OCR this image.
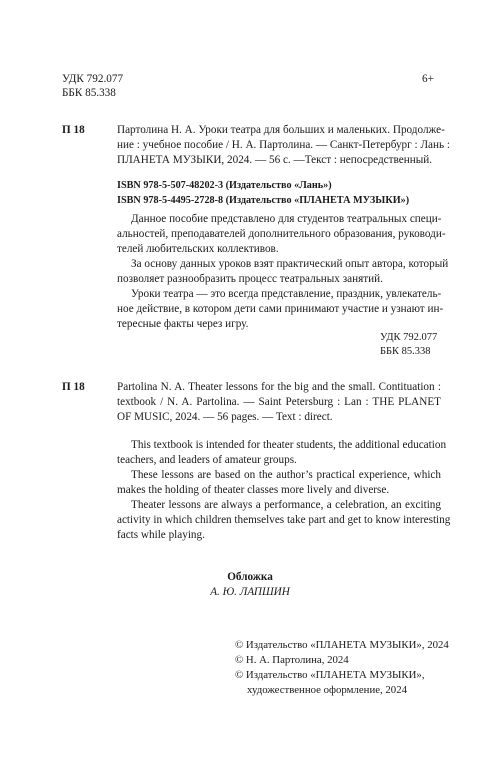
УДК 792.077
ББК 85.338
6+
П 18	Партолина Н. А. Уроки театра для больших и маленьких. Продолже-
ние : учебное пособие / Н. А. Партолина. — Санкт-Петербург : Лань :
ПЛАНЕТА МУЗЫКИ, 2024. — 56 с. —Текст : непосредственный.
ISBN 978-5-507-48202-3 (Издательство «Лань»)
ISBN 978-5-4495-2728-8 (Издательство «ПЛАНЕТА МУЗЫКИ»)
Данное пособие представлено для студентов театральных специ-
альностей, преподавателей дополнительного образования, руководи-
телей любительских коллективов.
За основу данных уроков взят практический опыт автора, который
позволяет разнообразить процесс театральных занятий.
Уроки театра — это всегда представление, праздник, увлекатель-
ное действие, в котором дети сами принимают участие и узнают ин-
тересные факты через игру.
УДК 792.077
ББК 85.338
П 18	Partolina N. A. Theater lessons for the big and the small. Contituation :
textbook / N. A. Partolina. — Saint Petersburg : Lan : THE PLANET
OF MUSIC, 2024. — 56 pages. — Text : direct.
This textbook is intended for theater students, the additional education
teachers, and leaders of amateur groups.
These lessons are based on the author’s practical experience, which
makes the holding of theater classes more lively and diverse.
Theater lessons are always a performance, a celebration, an exciting
activity in which children themselves take part and get to know interesting
facts while playing.
Обложка
А. Ю. ЛАПШИН
© Издательство «ПЛАНЕТА МУЗЫКИ», 2024
© Н. А. Партолина, 2024
© Издательство «ПЛАНЕТА МУЗЫКИ»,
художественное оформление, 2024
